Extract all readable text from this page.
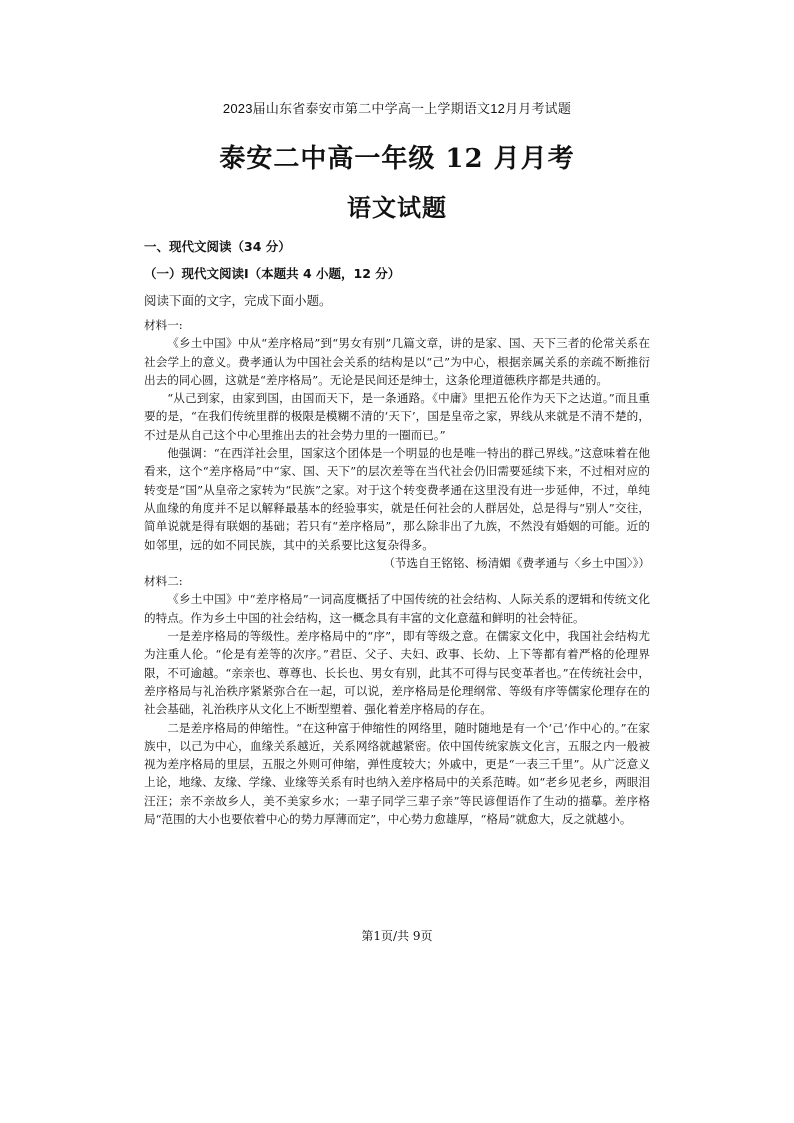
2023届山东省泰安市第二中学高一上学期语文12月月考试题
泰安二中高一年级 12 月月考
语文试题
一、现代文阅读（34 分）
（一）现代文阅读Ⅰ（本题共 4 小题，12 分）
阅读下面的文字，完成下面小题。

材料一:

《乡土中国》中从“差序格局”到“男女有别”几篇文章，讲的是家、国、天下三者的伦常关系在社会学上的意义。费孝通认为中国社会关系的结构是以“己”为中心，根据亲属关系的亲疏不断推衍出去的同心圆，这就是“差序格局”。无论是民间还是绅士，这条伦理道德秩序都是共通的。

“从己到家，由家到国，由国而天下，是一条通路。《中庸》里把五伦作为天下之达道。”而且重要的是，“在我们传统里群的极限是模糊不清的‘天下’，国是皇帝之家，界线从来就是不清不楚的，不过是从自己这个中心里推出去的社会势力里的一圈而已。”

他强调：“在西洋社会里，国家这个团体是一个明显的也是唯一特出的群己界线。”这意味着在他看来，这个“差序格局”中“家、国、天下”的层次差等在当代社会仍旧需要延续下来，不过相对应的转变是“国”从皇帝之家转为“民族”之家。对于这个转变费孝通在这里没有进一步延伸，不过，单纯从血缘的角度并不足以解释最基本的经验事实，就是任何社会的人群居处，总是得与“别人”交往，简单说就是得有联姻的基础；若只有“差序格局”，那么除非出了九族，不然没有婚姻的可能。近的如邻里，远的如不同民族，其中的关系要比这复杂得多。

（节选自王铭铭、杨清媚《费孝通与〈乡土中国〉》）

材料二:

《乡土中国》中“差序格局”一词高度概括了中国传统的社会结构、人际关系的逻辑和传统文化的特点。作为乡土中国的社会结构，这一概念具有丰富的文化意蕴和鲜明的社会特征。

一是差序格局的等级性。差序格局中的“序”，即有等级之意。在儒家文化中，我国社会结构尤为注重人伦。“伦是有差等的次序。”君臣、父子、夫妇、政事、长幼、上下等都有着严格的伦理界限，不可逾越。“亲亲也、尊尊也、长长也、男女有别，此其不可得与民变革者也。”在传统社会中，差序格局与礼治秩序紧紧弥合在一起，可以说，差序格局是伦理纲常、等级有序等儒家伦理存在的社会基础，礼治秩序从文化上不断型塑着、强化着差序格局的存在。

二是差序格局的伸缩性。“在这种富于伸缩性的网络里，随时随地是有一个‘己’作中心的。”在家族中，以己为中心，血缘关系越近，关系网络就越紧密。依中国传统家族文化言，五服之内一般被视为差序格局的里层，五服之外则可伸缩，弹性度较大；外戚中，更是“一表三千里”。从广泛意义上论，地缘、友缘、学缘、业缘等关系有时也纳入差序格局中的关系范畴。如“老乡见老乡，两眼泪汪汪；亲不亲故乡人，美不美家乡水；一辈子同学三辈子亲”等民谚俚语作了生动的描摹。差序格局“范围的大小也要依着中心的势力厚薄而定”，中心势力愈雄厚，“格局”就愈大，反之就越小。

第1页/共 9页
